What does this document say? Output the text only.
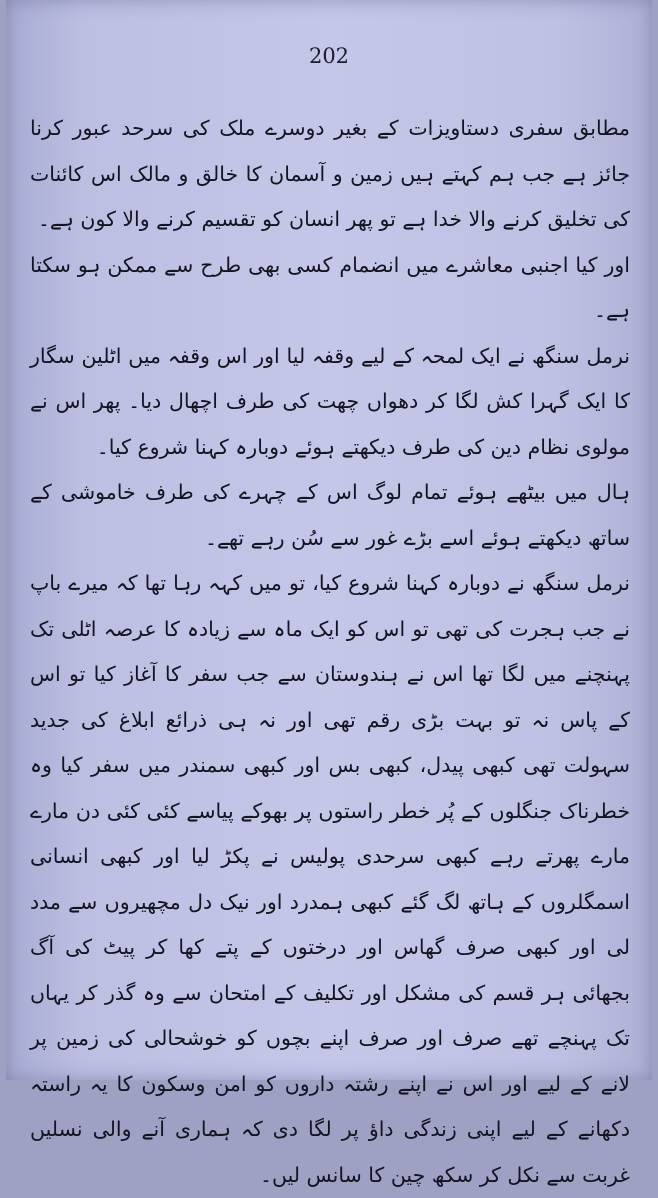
202

مطابق سفری دستاویزات کے بغیر دوسرے ملک کی سرحد عبور کرنا جائز ہے جب ہم کہتے ہیں زمین و آسمان کا خالق و مالک اس کائنات کی تخلیق کرنے والا خدا ہے تو پھر انسان کو تقسیم کرنے والا کون ہے۔

اور کیا اجنبی معاشرے میں انضمام کسی بھی طرح سے ممکن ہو سکتا ہے۔

نرمل سنگھ نے ایک لمحہ کے لیے وقفہ لیا اور اس وقفہ میں اٹلین سگار کا ایک گہرا کش لگا کر دھواں چھت کی طرف اچھال دیا۔ پھر اس نے مولوی نظام دین کی طرف دیکھتے ہوئے دوبارہ کہنا شروع کیا۔

ہال میں بیٹھے ہوئے تمام لوگ اس کے چہرے کی طرف خاموشی کے ساتھ دیکھتے ہوئے اسے بڑے غور سے سُن رہے تھے۔

نرمل سنگھ نے دوبارہ کہنا شروع کیا، تو میں کہہ رہا تھا کہ میرے باپ نے جب ہجرت کی تھی تو اس کو ایک ماہ سے زیادہ کا عرصہ اٹلی تک پہنچنے میں لگا تھا اس نے ہندوستان سے جب سفر کا آغاز کیا تو اس کے پاس نہ تو بہت بڑی رقم تھی اور نہ ہی ذرائع ابلاغ کی جدید سہولت تھی کبھی پیدل، کبھی بس اور کبھی سمندر میں سفر کیا وہ خطرناک جنگلوں کے پُر خطر راستوں پر بھوکے پیاسے کئی کئی دن مارے مارے پھرتے رہے کبھی سرحدی پولیس نے پکڑ لیا اور کبھی انسانی اسمگلروں کے ہاتھ لگ گئے کبھی ہمدرد اور نیک دل مچھیروں سے مدد لی اور کبھی صرف گھاس اور درختوں کے پتے کھا کر پیٹ کی آگ بجھائی ہر قسم کی مشکل اور تکلیف کے امتحان سے وہ گذر کر یہاں تک پہنچے تھے صرف اور صرف اپنے بچوں کو خوشحالی کی زمین پر لانے کے لیے اور اس نے اپنے رشتہ داروں کو امن وسکون کا یہ راستہ دکھانے کے لیے اپنی زندگی داؤ پر لگا دی کہ ہماری آنے والی نسلیں غربت سے نکل کر سکھ چین کا سانس لیں۔
